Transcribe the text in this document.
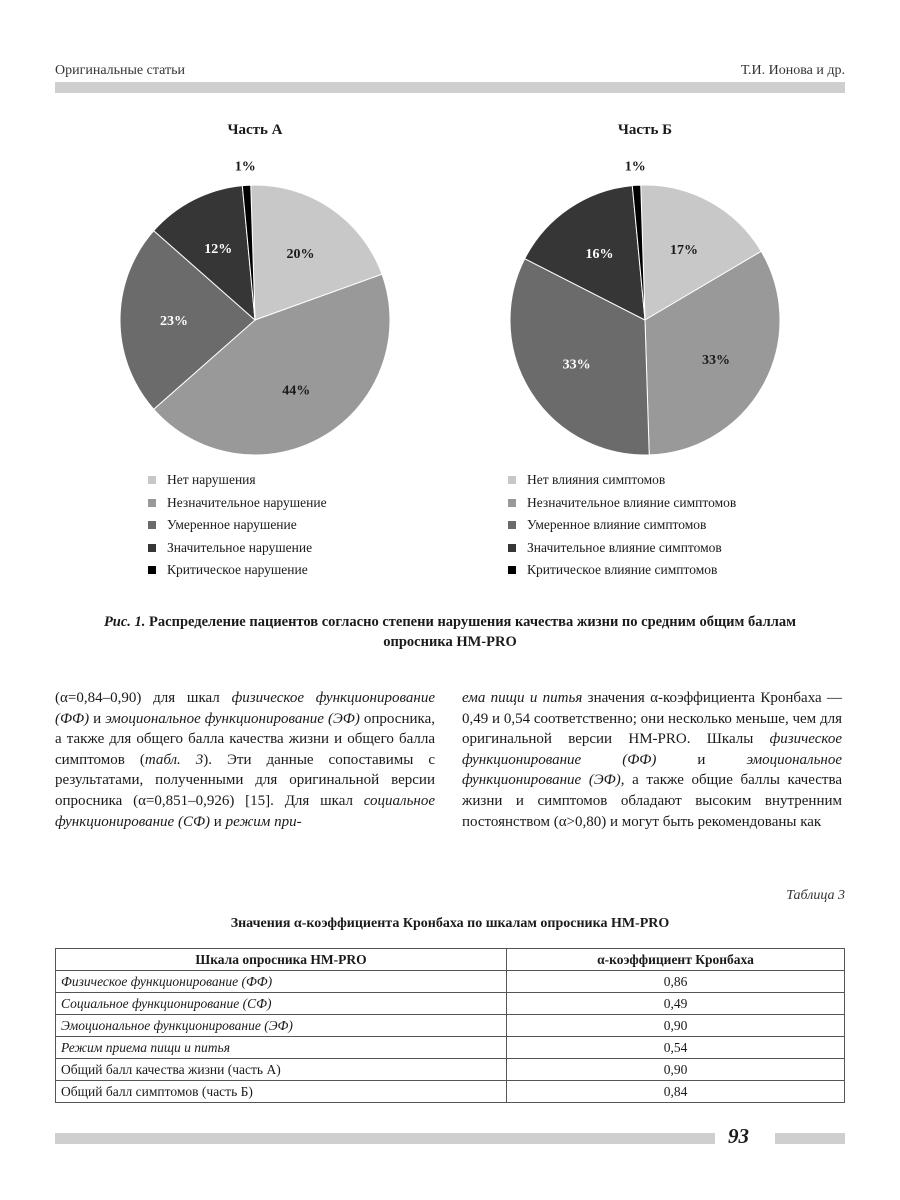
Оригинальные статьи	Т.И. Ионова и др.
Часть А	Часть Б
20%
44%
23%
12%
1%
17%
33%
33%
16%
1%
Нет нарушения
Незначительное нарушение
Умеренное нарушение
Значительное нарушение
Критическое нарушение
Нет влияния симптомов
Незначительное влияние симптомов
Умеренное влияние симптомов
Значительное влияние симптомов
Критическое влияние симптомов
Рис. 1. Распределение пациентов согласно степени нарушения качества жизни по средним общим баллам опросника HM-PRO
(α=0,84–0,90) для шкал физическое функционирование (ФФ) и эмоциональное функционирование (ЭФ) опросника, а также для общего балла качества жизни и общего балла симптомов (табл. 3). Эти данные сопоставимы с результатами, полученными для оригинальной версии опросника (α=0,851–0,926) [15]. Для шкал социальное функционирование (СФ) и режим при-
ема пищи и питья значения α-коэффициента Кронбаха — 0,49 и 0,54 соответственно; они несколько меньше, чем для оригинальной версии HM-PRO. Шкалы физическое функционирование (ФФ) и эмоциональное функционирование (ЭФ), а также общие баллы качества жизни и симптомов обладают высоким внутренним постоянством (α>0,80) и могут быть рекомендованы как
Таблица 3
Значения α-коэффициента Кронбаха по шкалам опросника HM-PRO
Шкала опросника HM-PRO	α-коэффициент Кронбаха
Физическое функционирование (ФФ)	0,86
Социальное функционирование (СФ)	0,49
Эмоциональное функционирование (ЭФ)	0,90
Режим приема пищи и питья	0,54
Общий балл качества жизни (часть А)	0,90
Общий балл симптомов (часть Б)	0,84
93
